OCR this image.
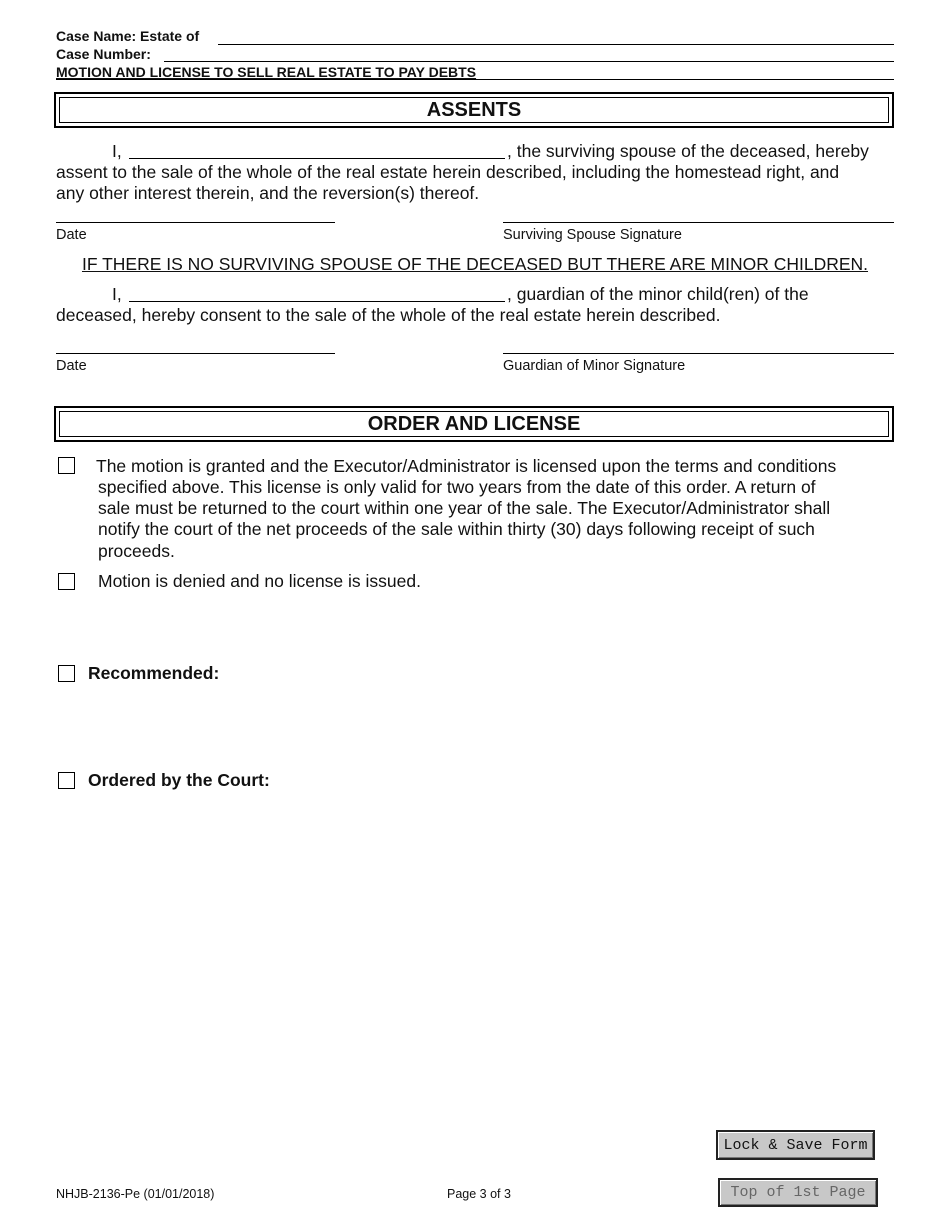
Case Name: Estate of
Case Number:
MOTION AND LICENSE TO SELL REAL ESTATE TO PAY DEBTS
ASSENTS
I,	, the surviving spouse of the deceased, hereby
assent to the sale of the whole of the real estate herein described, including the homestead right, and
any other interest therein, and the reversion(s) thereof.
Date	Surviving Spouse Signature
IF THERE IS NO SURVIVING SPOUSE OF THE DECEASED BUT THERE ARE MINOR CHILDREN.
I,	, guardian of the minor child(ren) of the
deceased, hereby consent to the sale of the whole of the real estate herein described.
Date	Guardian of Minor Signature
ORDER AND LICENSE
The motion is granted and the Executor/Administrator is licensed upon the terms and conditions
specified above. This license is only valid for two years from the date of this order. A return of
sale must be returned to the court within one year of the sale. The Executor/Administrator shall
notify the court of the net proceeds of the sale within thirty (30) days following receipt of such
proceeds.
Motion is denied and no license is issued.
Recommended:
Ordered by the Court:
Lock & Save Form
NHJB-2136-Pe (01/01/2018)	Page 3 of 3	Top of 1st Page
